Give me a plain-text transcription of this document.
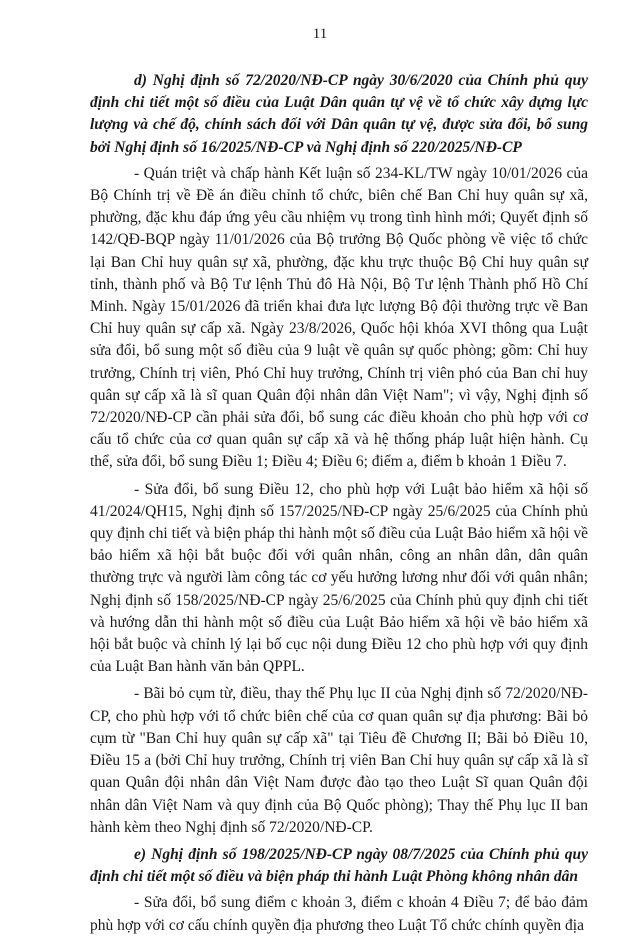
11

d) Nghị định số 72/2020/NĐ-CP ngày 30/6/2020 của Chính phủ quy định chi tiết một số điều của Luật Dân quân tự vệ về tổ chức xây dựng lực lượng và chế độ, chính sách đối với Dân quân tự vệ, được sửa đổi, bổ sung bởi Nghị định số 16/2025/NĐ-CP và Nghị định số 220/2025/NĐ-CP

- Quán triệt và chấp hành Kết luận số 234-KL/TW ngày 10/01/2026 của Bộ Chính trị về Đề án điều chỉnh tổ chức, biên chế Ban Chỉ huy quân sự xã, phường, đặc khu đáp ứng yêu cầu nhiệm vụ trong tình hình mới; Quyết định số 142/QĐ-BQP ngày 11/01/2026 của Bộ trưởng Bộ Quốc phòng về việc tổ chức lại Ban Chỉ huy quân sự xã, phường, đặc khu trực thuộc Bộ Chỉ huy quân sự tỉnh, thành phố và Bộ Tư lệnh Thủ đô Hà Nội, Bộ Tư lệnh Thành phố Hồ Chí Minh. Ngày 15/01/2026 đã triển khai đưa lực lượng Bộ đội thường trực về Ban Chỉ huy quân sự cấp xã. Ngày 23/8/2026, Quốc hội khóa XVI thông qua Luật sửa đổi, bổ sung một số điều của 9 luật về quân sự quốc phòng; gồm: Chỉ huy trưởng, Chính trị viên, Phó Chỉ huy trưởng, Chính trị viên phó của Ban chỉ huy quân sự cấp xã là sĩ quan Quân đội nhân dân Việt Nam"; vì vậy, Nghị định số 72/2020/NĐ-CP cần phải sửa đổi, bổ sung các điều khoản cho phù hợp với cơ cấu tổ chức của cơ quan quân sự cấp xã và hệ thống pháp luật hiện hành. Cụ thể, sửa đổi, bổ sung Điều 1; Điều 4; Điều 6; điểm a, điểm b khoản 1 Điều 7.

- Sửa đổi, bổ sung Điều 12, cho phù hợp với Luật bảo hiểm xã hội số 41/2024/QH15, Nghị định số 157/2025/NĐ-CP ngày 25/6/2025 của Chính phủ quy định chi tiết và biện pháp thi hành một số điều của Luật Bảo hiểm xã hội về bảo hiểm xã hội bắt buộc đối với quân nhân, công an nhân dân, dân quân thường trực và người làm công tác cơ yếu hưởng lương như đối với quân nhân; Nghị định số 158/2025/NĐ-CP ngày 25/6/2025 của Chính phủ quy định chi tiết và hướng dẫn thi hành một số điều của Luật Bảo hiểm xã hội về bảo hiểm xã hội bắt buộc và chỉnh lý lại bố cục nội dung Điều 12 cho phù hợp với quy định của Luật Ban hành văn bản QPPL.

- Bãi bỏ cụm từ, điều, thay thế Phụ lục II của Nghị định số 72/2020/NĐ-CP, cho phù hợp với tổ chức biên chế của cơ quan quân sự địa phương: Bãi bỏ cụm từ "Ban Chỉ huy quân sự cấp xã" tại Tiêu đề Chương II; Bãi bỏ Điều 10, Điều 15 a (bởi Chỉ huy trưởng, Chính trị viên Ban Chỉ huy quân sự cấp xã là sĩ quan Quân đội nhân dân Việt Nam được đào tạo theo Luật Sĩ quan Quân đội nhân dân Việt Nam và quy định của Bộ Quốc phòng); Thay thế Phụ lục II ban hành kèm theo Nghị định số 72/2020/NĐ-CP.

e) Nghị định số 198/2025/NĐ-CP ngày 08/7/2025 của Chính phủ quy định chi tiết một số điều và biện pháp thi hành Luật Phòng không nhân dân

- Sửa đổi, bổ sung điểm c khoản 3, điểm c khoản 4 Điều 7; để bảo đảm phù hợp với cơ cấu chính quyền địa phương theo Luật Tổ chức chính quyền địa
